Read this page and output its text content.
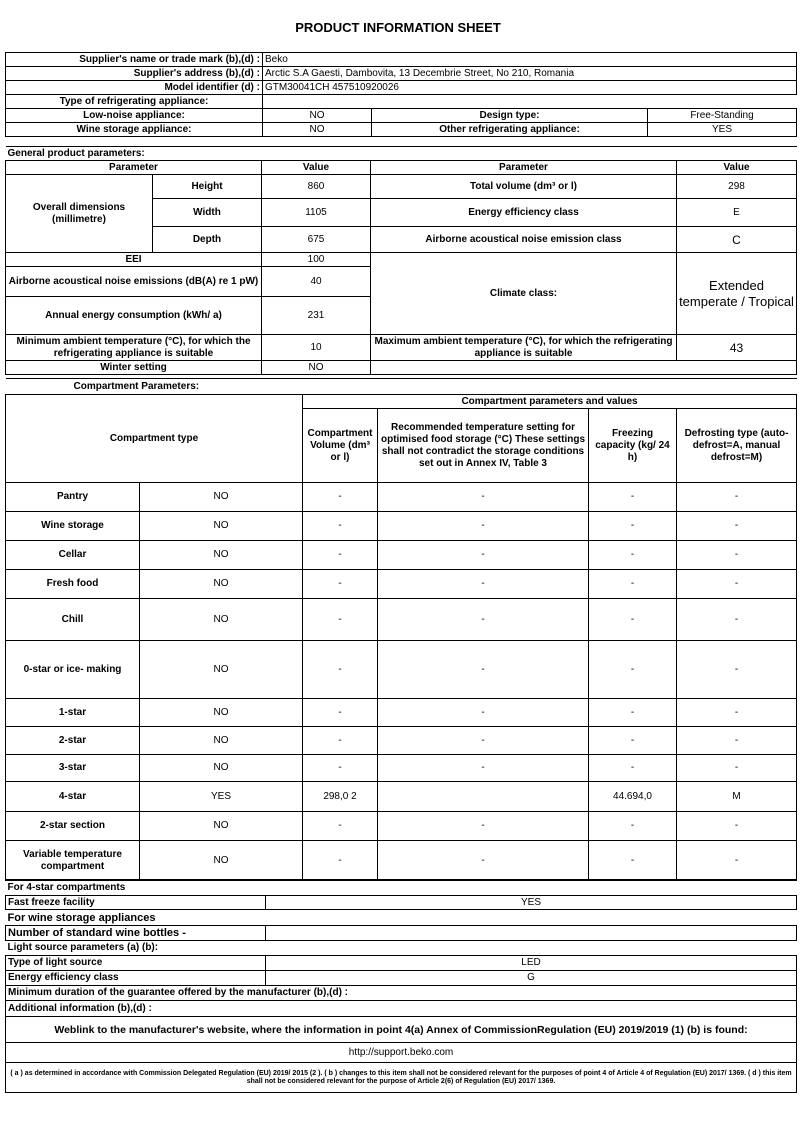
PRODUCT INFORMATION SHEET
Supplier's name or trade mark (b),(d) :	Beko		
Supplier's address (b),(d) :	Arctic S.A Gaesti, Dambovita, 13 Decembrie Street, No 210, Romania		
Model identifier (d) :	GTM30041CH 457510920026		
Type of refrigerating appliance:			
Low-noise appliance:	NO	Design type:	Free-Standing
Wine storage appliance:	NO	Other refrigerating appliance:	YES
General product parameters:				
Parameter		Value	Parameter	Value
Overall dimensions (millimetre)	Height	860	Total volume (dm³ or l)	298
	Width	1105	Energy efficiency class	E
	Depth	675	Airborne acoustical noise emission class	C
EEI		100	Climate class:	Extended temperate / Tropical
Airborne acoustical noise emissions (dB(A) re 1 pW)		40		
Annual energy consumption (kWh/ a)		231		
Minimum ambient temperature (°C), for which the refrigerating appliance is suitable		10	Maximum ambient temperature (°C), for which the refrigerating appliance is suitable	43
Winter setting		NO		
Compartment Parameters:					
Compartment type		Compartment parameters and values			
		Compartment Volume (dm³ or l)	Recommended temperature setting for optimised food storage (°C) These settings shall not contradict the storage conditions set out in Annex IV, Table 3	Freezing capacity (kg/ 24 h)	Defrosting type (auto-defrost=A, manual defrost=M)
Pantry	NO	-	-	-	-
Wine storage	NO	-	-	-	-
Cellar	NO	-	-	-	-
Fresh food	NO	-	-	-	-
Chill	NO	-	-	-	-
0-star or ice- making	NO	-	-	-	-
1-star	NO	-	-	-	-
2-star	NO	-	-	-	-
3-star	NO	-	-	-	-
4-star	YES	298,0 2		44.694,0	M
2-star section	NO	-	-	-	-
Variable temperature compartment	NO	-	-	-	-
For 4-star compartments	
Fast freeze facility	YES
For wine storage appliances	
Number of standard wine bottles -	
Light source parameters (a) (b):	
Type of light source	LED
Energy efficiency class	G
Minimum duration of the guarantee offered by the manufacturer (b),(d) :	
Additional information (b),(d) :	
Weblink to the manufacturer's website, where the information in point 4(a) Annex of CommissionRegulation (EU) 2019/2019 (1) (b) is found:	
http://support.beko.com	
( a ) as determined in accordance with Commission Delegated Regulation (EU) 2019/ 2015 (2 ). ( b ) changes to this item shall not be considered relevant for the purposes of point 4 of Article 4 of Regulation (EU) 2017/ 1369. ( d ) this item shall not be considered relevant for the purpose of Article 2(6) of Regulation (EU) 2017/ 1369.	
